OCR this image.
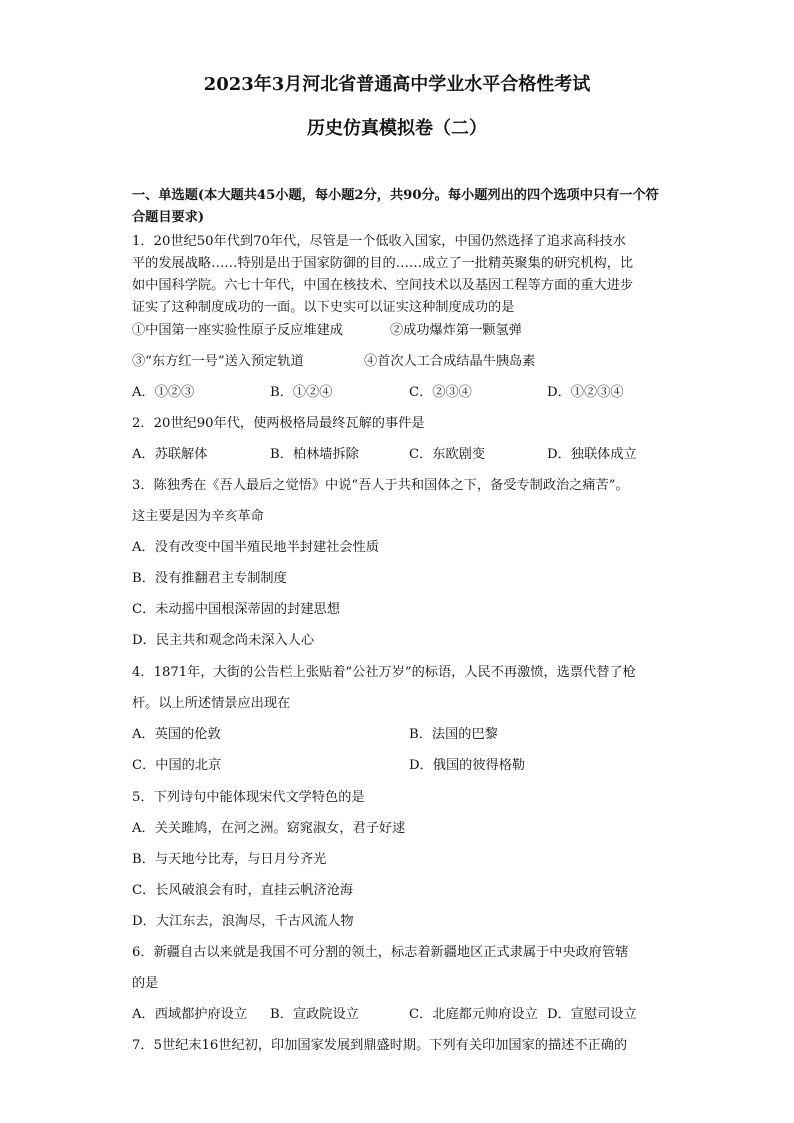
2023年3月河北省普通高中学业水平合格性考试
历史仿真模拟卷（二）
一、单选题(本大题共45小题，每小题2分，共90分。每小题列出的四个选项中只有一个符合题目要求)
1．20世纪50年代到70年代，尽管是一个低收入国家，中国仍然选择了追求高科技水
平的发展战略……特别是出于国家防御的目的……成立了一批精英聚集的研究机构，比
如中国科学院。六七十年代，中国在核技术、空间技术以及基因工程等方面的重大进步
证实了这种制度成功的一面。以下史实可以证实这种制度成功的是
①中国第一座实验性原子反应堆建成	②成功爆炸第一颗氢弹
③“东方红一号”送入预定轨道	④首次人工合成结晶牛胰岛素
A．①②③	B．①②④	C．②③④	D．①②③④
2．20世纪90年代，使两极格局最终瓦解的事件是
A．苏联解体	B．柏林墙拆除	C．东欧剧变	D．独联体成立
3．陈独秀在《吾人最后之觉悟》中说“吾人于共和国体之下，备受专制政治之痛苦”。
这主要是因为辛亥革命
A．没有改变中国半殖民地半封建社会性质
B．没有推翻君主专制制度
C．未动摇中国根深蒂固的封建思想
D．民主共和观念尚未深入人心
4．1871年，大街的公告栏上张贴着“公社万岁”的标语，人民不再激愤，选票代替了枪
杆。以上所述情景应出现在
A．英国的伦敦	B．法国的巴黎
C．中国的北京	D．俄国的彼得格勒
5．下列诗句中能体现宋代文学特色的是
A．关关雎鸠，在河之洲。窈窕淑女，君子好逑
B．与天地兮比寿，与日月兮齐光
C．长风破浪会有时，直挂云帆济沧海
D．大江东去，浪淘尽，千古风流人物
6．新疆自古以来就是我国不可分割的领土，标志着新疆地区正式隶属于中央政府管辖
的是
A．西域都护府设立 B．宣政院设立	C．北庭都元帅府设立 D．宣慰司设立
7．5世纪末16世纪初，印加国家发展到鼎盛时期。下列有关印加国家的描述不正确的
